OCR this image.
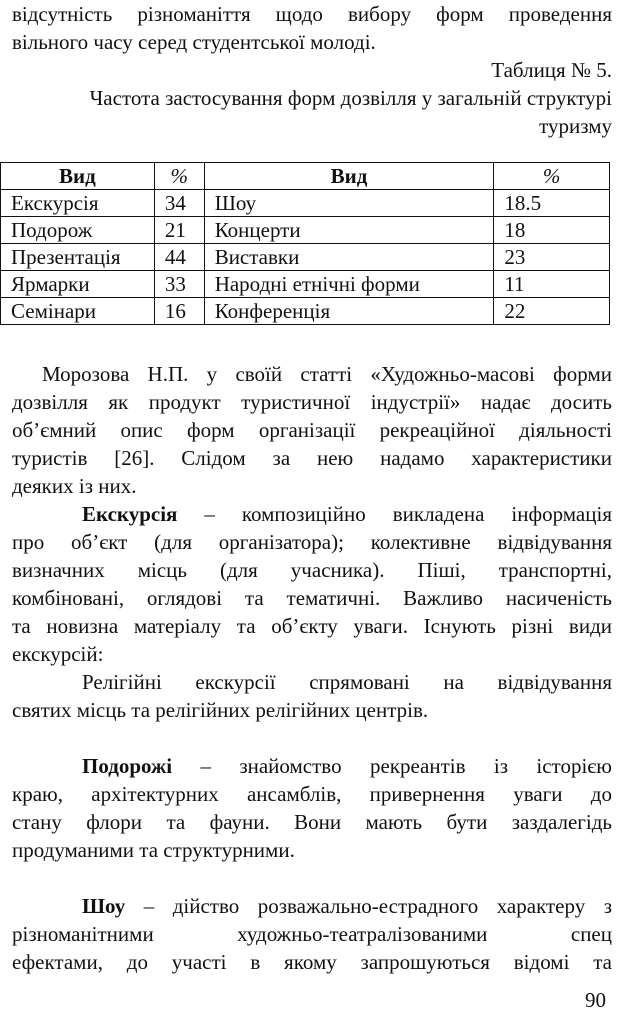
відсутність різноманіття щодо вибору форм проведення

вільного часу серед студентської молоді.

Таблиця № 5.

Частота застосування форм дозвілля у загальній структурі

туризму

Вид	%	Вид	%
Екскурсія	34	Шоу	18.5
Подорож	21	Концерти	18
Презентація	44	Виставки	23
Ярмарки	33	Народні етнічні форми	11
Семінари	16	Конференція	22

Морозова Н.П. у своїй статті «Художньо-масові форми

дозвілля як продукт туристичної індустрії» надає досить

об’ємний опис форм організації рекреаційної діяльності

туристів [26]. Слідом за нею надамо характеристики

деяких із них.

Екскурсія – композиційно викладена інформація

про об’єкт (для організатора); колективне відвідування

визначних місць (для учасника). Піші, транспортні,

комбіновані, оглядові та тематичні. Важливо насиченість

та новизна матеріалу та об’єкту уваги. Існують різні види

екскурсій:

Релігійні екскурсії спрямовані на відвідування

святих місць та релігійних релігійних центрів.

Подорожі – знайомство рекреантів із історією

краю, архітектурних ансамблів, привернення уваги до

стану флори та фауни. Вони мають бути заздалегідь

продуманими та структурними.

Шоу – дійство розважально-естрадного характеру з

різноманітними художньо-театралізованими спец

ефектами, до участі в якому запрошуються відомі та

90
